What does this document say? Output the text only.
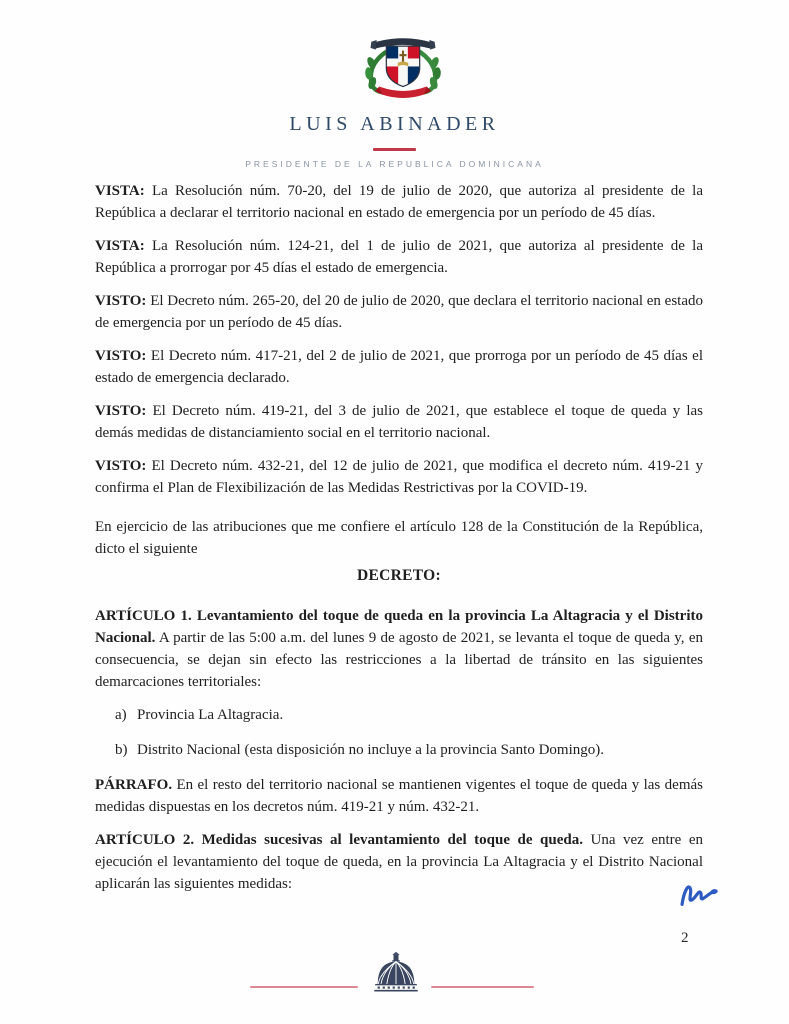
LUIS ABINADER
PRESIDENTE DE LA REPUBLICA DOMINICANA

VISTA: La Resolución núm. 70-20, del 19 de julio de 2020, que autoriza al presidente de la República a declarar el territorio nacional en estado de emergencia por un período de 45 días.

VISTA: La Resolución núm. 124-21, del 1 de julio de 2021, que autoriza al presidente de la República a prorrogar por 45 días el estado de emergencia.

VISTO: El Decreto núm. 265-20, del 20 de julio de 2020, que declara el territorio nacional en estado de emergencia por un período de 45 días.

VISTO: El Decreto núm. 417-21, del 2 de julio de 2021, que prorroga por un período de 45 días el estado de emergencia declarado.

VISTO: El Decreto núm. 419-21, del 3 de julio de 2021, que establece el toque de queda y las demás medidas de distanciamiento social en el territorio nacional.

VISTO: El Decreto núm. 432-21, del 12 de julio de 2021, que modifica el decreto núm. 419-21 y confirma el Plan de Flexibilización de las Medidas Restrictivas por la COVID-19.

En ejercicio de las atribuciones que me confiere el artículo 128 de la Constitución de la República, dicto el siguiente

DECRETO:

ARTÍCULO 1. Levantamiento del toque de queda en la provincia La Altagracia y el Distrito Nacional. A partir de las 5:00 a.m. del lunes 9 de agosto de 2021, se levanta el toque de queda y, en consecuencia, se dejan sin efecto las restricciones a la libertad de tránsito en las siguientes demarcaciones territoriales:

a) Provincia La Altagracia.
b) Distrito Nacional (esta disposición no incluye a la provincia Santo Domingo).

PÁRRAFO. En el resto del territorio nacional se mantienen vigentes el toque de queda y las demás medidas dispuestas en los decretos núm. 419-21 y núm. 432-21.

ARTÍCULO 2. Medidas sucesivas al levantamiento del toque de queda. Una vez entre en ejecución el levantamiento del toque de queda, en la provincia La Altagracia y el Distrito Nacional aplicarán las siguientes medidas:

2
